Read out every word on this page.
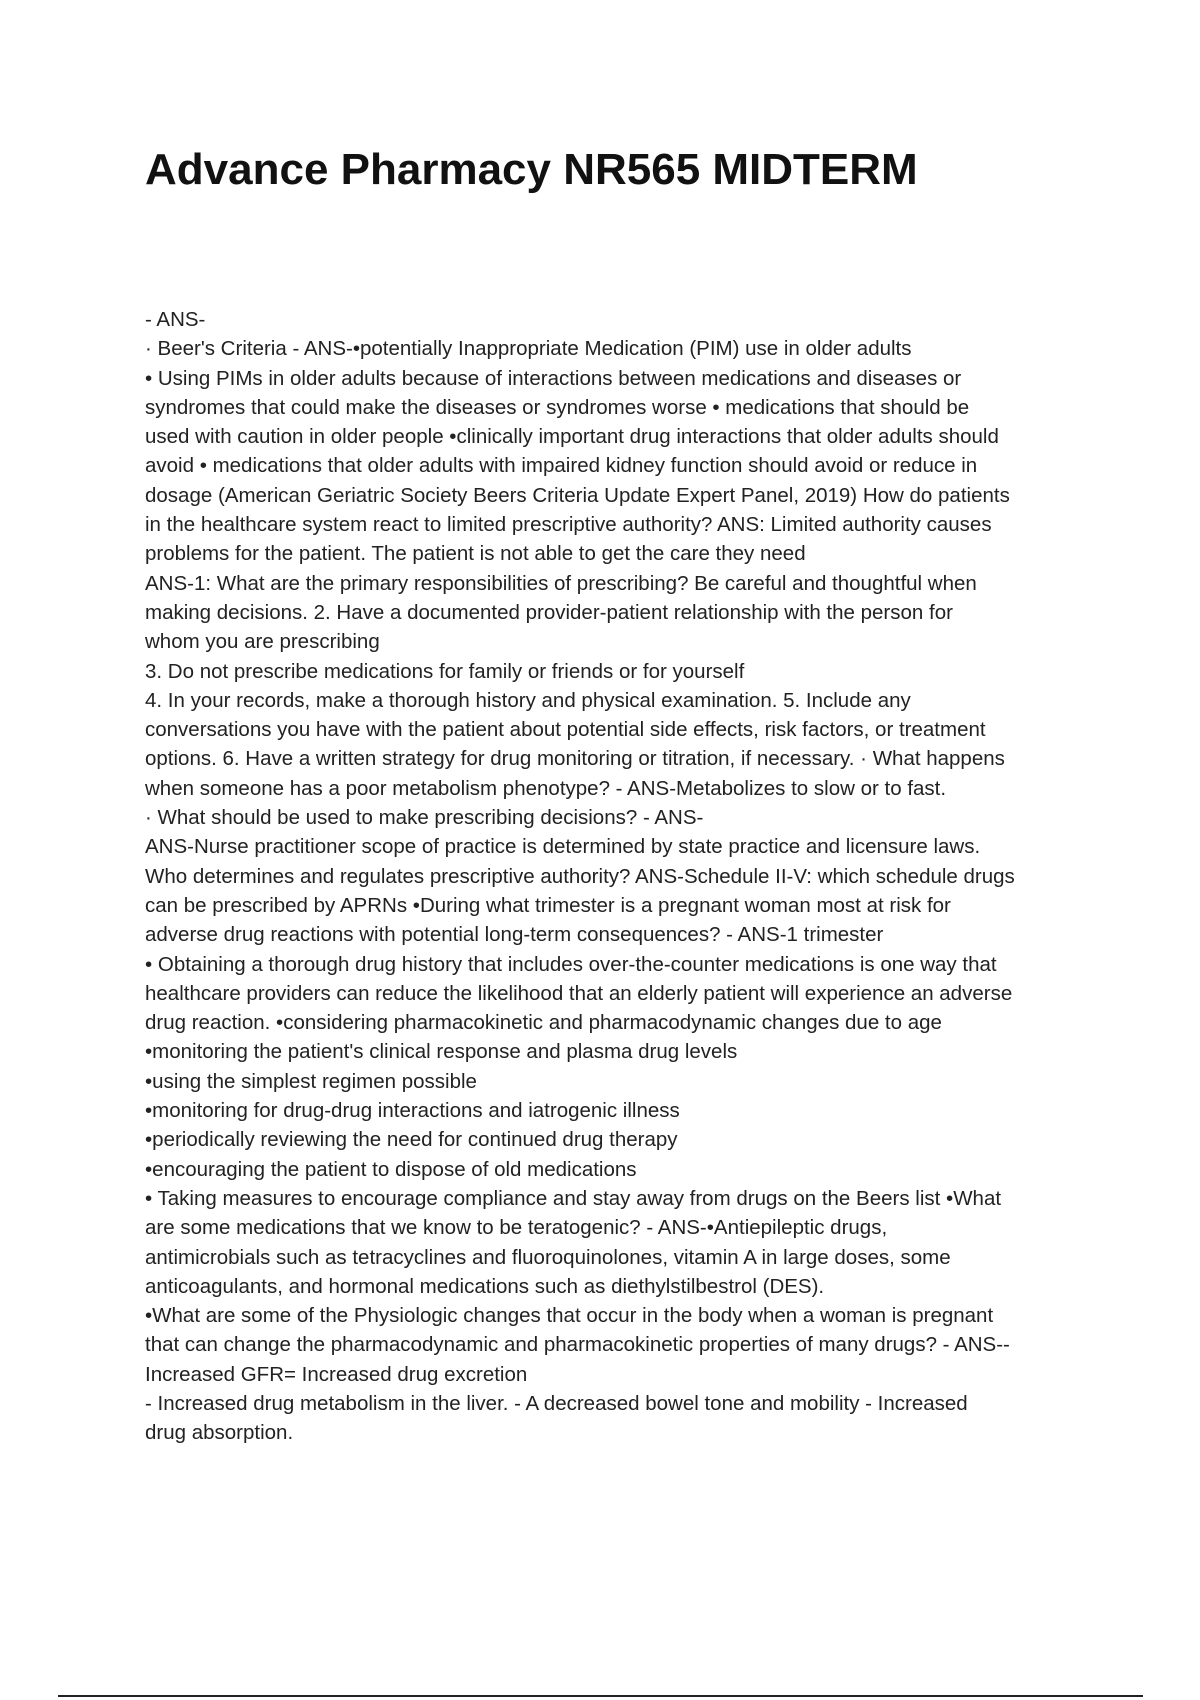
Advance Pharmacy NR565 MIDTERM
- ANS-
· Beer's Criteria - ANS-•potentially Inappropriate Medication (PIM) use in older adults
• Using PIMs in older adults because of interactions between medications and diseases or
syndromes that could make the diseases or syndromes worse • medications that should be
used with caution in older people •clinically important drug interactions that older adults should
avoid • medications that older adults with impaired kidney function should avoid or reduce in
dosage (American Geriatric Society Beers Criteria Update Expert Panel, 2019) How do patients
in the healthcare system react to limited prescriptive authority? ANS: Limited authority causes
problems for the patient. The patient is not able to get the care they need
ANS-1: What are the primary responsibilities of prescribing? Be careful and thoughtful when
making decisions. 2. Have a documented provider-patient relationship with the person for
whom you are prescribing
3. Do not prescribe medications for family or friends or for yourself
4. In your records, make a thorough history and physical examination. 5. Include any
conversations you have with the patient about potential side effects, risk factors, or treatment
options. 6. Have a written strategy for drug monitoring or titration, if necessary. · What happens
when someone has a poor metabolism phenotype? - ANS-Metabolizes to slow or to fast.
· What should be used to make prescribing decisions? - ANS-
ANS-Nurse practitioner scope of practice is determined by state practice and licensure laws.
Who determines and regulates prescriptive authority? ANS-Schedule II-V: which schedule drugs
can be prescribed by APRNs •During what trimester is a pregnant woman most at risk for
adverse drug reactions with potential long-term consequences? - ANS-1 trimester
• Obtaining a thorough drug history that includes over-the-counter medications is one way that
healthcare providers can reduce the likelihood that an elderly patient will experience an adverse
drug reaction. •considering pharmacokinetic and pharmacodynamic changes due to age
•monitoring the patient's clinical response and plasma drug levels
•using the simplest regimen possible
•monitoring for drug-drug interactions and iatrogenic illness
•periodically reviewing the need for continued drug therapy
•encouraging the patient to dispose of old medications
• Taking measures to encourage compliance and stay away from drugs on the Beers list •What
are some medications that we know to be teratogenic? - ANS-•Antiepileptic drugs,
antimicrobials such as tetracyclines and fluoroquinolones, vitamin A in large doses, some
anticoagulants, and hormonal medications such as diethylstilbestrol (DES).
•What are some of the Physiologic changes that occur in the body when a woman is pregnant
that can change the pharmacodynamic and pharmacokinetic properties of many drugs? - ANS--
Increased GFR= Increased drug excretion
- Increased drug metabolism in the liver. - A decreased bowel tone and mobility - Increased
drug absorption.
